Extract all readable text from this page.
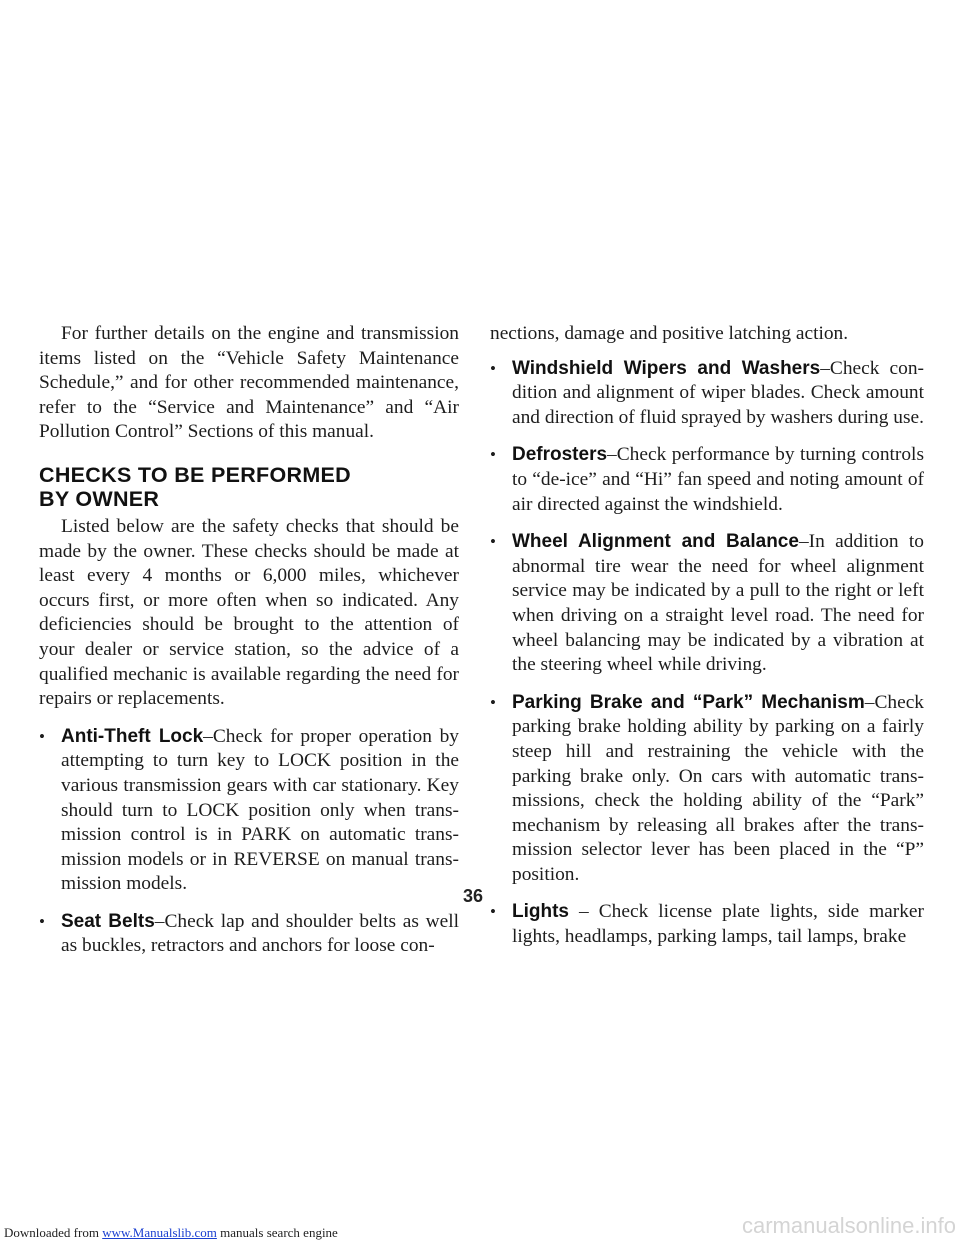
For further details on the engine and transmission items listed on the “Vehicle Safety Maintenance Schedule,” and for other recommended maintenance, refer to the “Service and Maintenance” and “Air Pollution Control” Sections of this manual.

CHECKS TO BE PERFORMED
BY OWNER

Listed below are the safety checks that should be made by the owner. These checks should be made at least every 4 months or 6,000 miles, whichever occurs first, or more often when so indicated. Any deficiencies should be brought to the attention of your dealer or service station, so the advice of a qualified mechanic is available regarding the need for repairs or replacements.

• Anti-Theft Lock–Check for proper operation by attempting to turn key to LOCK position in the various transmission gears with car stationary. Key should turn to LOCK position only when transmission control is in PARK on automatic transmission models or in REVERSE on manual transmission models.
• Seat Belts–Check lap and shoulder belts as well as buckles, retractors and anchors for loose con-

nections, damage and positive latching action.

• Windshield Wipers and Washers–Check condition and alignment of wiper blades. Check amount and direction of fluid sprayed by washers during use.
• Defrosters–Check performance by turning controls to “de-ice” and “Hi” fan speed and noting amount of air directed against the windshield.
• Wheel Alignment and Balance–In addition to abnormal tire wear the need for wheel alignment service may be indicated by a pull to the right or left when driving on a straight level road. The need for wheel balancing may be indicated by a vibration at the steering wheel while driving.
• Parking Brake and “Park” Mechanism–Check parking brake holding ability by parking on a fairly steep hill and restraining the vehicle with the parking brake only. On cars with automatic transmissions, check the holding ability of the “Park” mechanism by releasing all brakes after the transmission selector lever has been placed in the “P” position.
• Lights – Check license plate lights, side marker lights, headlamps, parking lamps, tail lamps, brake
36
Downloaded from www.Manualslib.com manuals search engine	carmanualsonline.info
